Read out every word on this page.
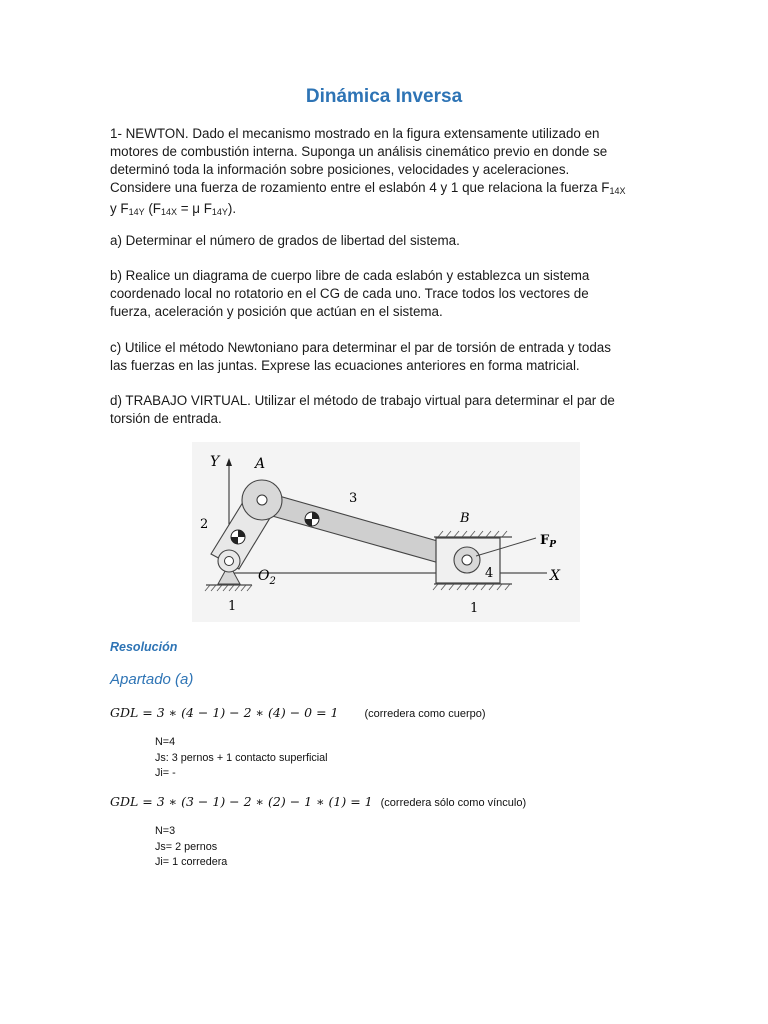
Dinámica Inversa
1- NEWTON. Dado el mecanismo mostrado en la figura extensamente utilizado en
motores de combustión interna. Suponga un análisis cinemático previo en donde se
determinó toda la información sobre posiciones, velocidades y aceleraciones.
Considere una fuerza de rozamiento entre el eslabón 4 y 1 que relaciona la fuerza $F_{14X}$
y $F_{14Y}$ ($F_{14X} = \mu$ $F_{14Y}$).
a) Determinar el número de grados de libertad del sistema.
b) Realice un diagrama de cuerpo libre de cada eslabón y establezca un sistema
coordenado local no rotatorio en el CG de cada uno. Trace todos los vectores de
fuerza, aceleración y posición que actúan en el sistema.
c) Utilice el método Newtoniano para determinar el par de torsión de entrada y todas
las fuerzas en las juntas. Exprese las ecuaciones anteriores en forma matricial.
d) TRABAJO VIRTUAL. Utilizar el método de trabajo virtual para determinar el par de
torsión de entrada.
Y
X
1
B
1
4
$F_P$
A
2
3
$O_2$
Resolución
Apartado (a)
GDL = 3 ∗ (4 − 1) − 2 ∗ (4) − 0 = 1 (corredera como cuerpo)
N=4
Js: 3 pernos + 1 contacto superficial
Ji= -
GDL = 3 ∗ (3 − 1) − 2 ∗ (2) − 1 ∗ (1) = 1 (corredera sólo como vínculo)
N=3
Js= 2 pernos
Ji= 1 corredera
